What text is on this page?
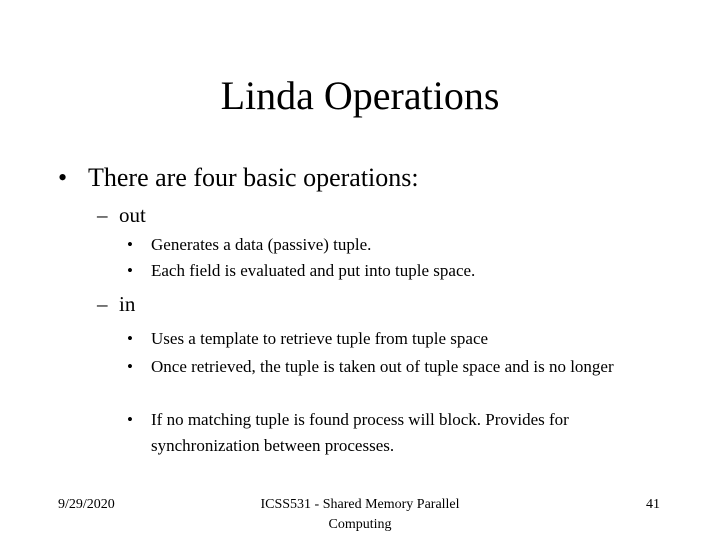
Linda Operations
• There are four basic operations:
– out
• Generates a data (passive) tuple.
• Each field is evaluated and put into tuple space.
– in
• Uses a template to retrieve tuple from tuple space
• Once retrieved, the tuple is taken out of tuple space and is no longer
• If no matching tuple is found process will block. Provides for synchronization between processes.
9/29/2020	ICSS531 - Shared Memory Parallel Computing
41
